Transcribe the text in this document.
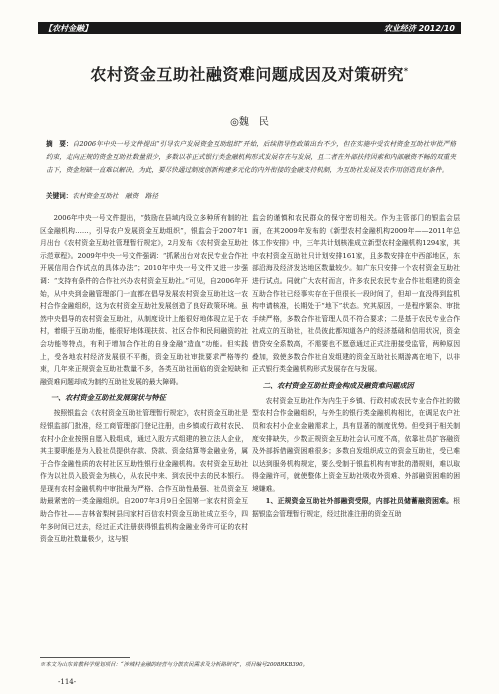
【农村金融】	农业经济 2012/10
农村资金互助社融资难问题成因及对策研究*
◎魏　民
摘　要：自2006年中央一号文件提出“引导农户发展资金互助组织”开始，后续指导性政策出台不少，但在实施中受农村资金互助社审批严格约束，走向正规的资金互助社数量很少，多数以非正式银行类金融机构形式发展存在与发展，且二者在外部扶持因素和内部融资不畅的双重夹击下，资金短缺一直难以解决。为此，要尽快通过制度创新构建多元化的内外衔接的金融支持机制，为互助社发展及农作用创造良好条件。
关键词：农村资金互助社　融资　路径

2006年中央一号文件提出，“鼓励在县域内设立多种所有制的社区金融机构……，引导农户发展资金互助组织”，银监会于2007年1月出台《农村资金互助社管理暂行规定》，2月发布《农村资金互助社示范章程》。2009年中央一号文件强调：“抓紧出台对农民专业合作社开展信用合作试点的具体办法”；2010年中央一号文件又进一步强调：“支持有条件的合作社兴办农村资金互助社。”可见，自2006年开始，从中央到金融管理部门一直都在倡导发展农村资金互助社这一农村合作金融组织，这为农村资金互助社发展创造了良好政策环境。虽然中央倡导的农村资金互助社，从制度设计上能很好地体现立足于农村，着眼于互助功能，能很好地体现扶贫、社区合作和民间融资的社会功能等特点，有利于增加合作社的自身金融“造血”功能。但实践上，受各地农村经济发展很不平衡，资金互助社审批要求严格等约束，几年来正规资金互助社数量不多，各类互助社面临的资金短缺和融资难问题却成为制约互助社发展的最大障碍。

一、农村资金互助社发展现状与特征

按照银监会《农村资金互助社管理暂行规定》，农村资金互助社是经银监部门批准，经工商管理部门登记注册，由乡镇或行政村农民、农村小企业按照自愿入股组成，通过入股方式组建的独立法人企业，其主要职能是为入股社员提供存款、贷款、资金结算等金融业务，属于合作金融性质的农村社区互助性银行业金融机构。农村资金互助社作为以社员入股资金为核心，从农民中来、到农民中去的民本银行。是现有农村金融机构中审批最为严格、合作互助性最强、社员资金互助最紧密的一类金融组织。自2007年3月9日全国第一家农村资金互助合作社——吉林省梨树县闫家村百信农村资金互助社成立至今，四年多时间已过去，经过正式注册获得银监机构金融业务许可证的农村资金互助社数量极少，这与银

监会的谨慎和农民群众的保守密切相关。作为主管部门的银监会层面，在其2009年发布的《新型农村金融机构2009年——2011年总体工作安排》中，三年共计划核准成立新型农村金融机构1294家，其中农村资金互助社只计划安排161家，且多数安排在中西部地区，东部沿海及经济发达地区数量较少。如广东只安排一个农村资金互助社进行试点。同就广大农村而言，许多农民农民专业合作社组建的资金互助合作社已经事实存在于但很长一段时间了，但却一直没得到监机构申请核准，长期处于“地下”状态。究其原因，一是程序繁杂、审批手续严格，多数合作社管理人员不符合要求；二是基于农民专业合作社成立的互助社，社员彼此都知道各户的经济基础和信用状况，资金借贷安全系数高，不需要也不愿意通过正式注册接受监管，两种原因叠加，致使多数合作社自发组建的资金互助社长期游离在地下，以非正式银行类金融机构形式发展存在与发展。

二、农村资金互助社资金构成及融资难问题成因

农村资金互助社作为内生于乡镇、行政村或农民专业合作社的微型农村合作金融组织，与外生的银行类金融机构相比，在调足农户社员和农村小企业金融需求上，具有显著的制度优势。但受到于相关制度安排缺失，少数正规资金互助社会认可度不高，依靠社员扩容融资及外部拆借融资困难很多；多数自发组织成立的资金互助社，受已难以达到服务机构规定，要么受制于银监机构有审批的潜规则，难以取得金融许可，就使整体上资金互助社吸收外资难、外部融资困难的困境嫌难。

1、正规资金互助社外部融资受限，内部社员储蓄融资困难。根据银监会管理暂行规定，经过批准注册的资金互助

※本文为山东省教科学规划项目：“涉城村金融的经营与分散农民需求及分析路研究”，项目编号2008RKB390。
-114-
